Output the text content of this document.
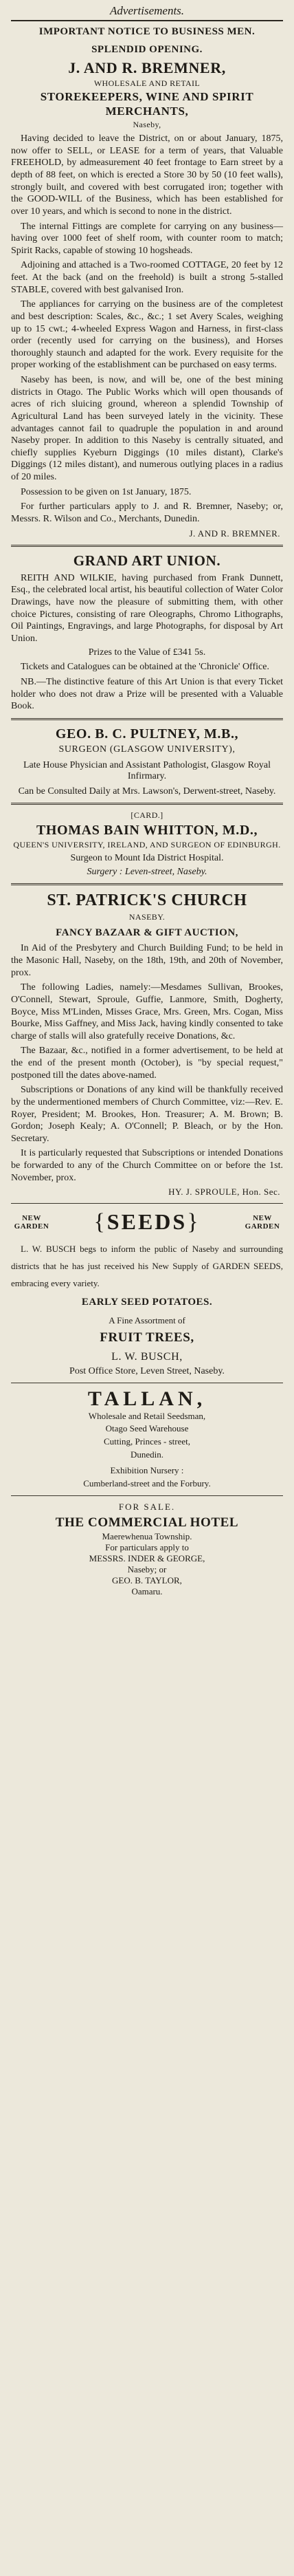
Advertisements.

IMPORTANT NOTICE TO BUSINESS MEN.

SPLENDID OPENING.

J. AND R. BREMNER,

WHOLESALE AND RETAIL

STOREKEEPERS, WINE AND SPIRIT MERCHANTS,

Naseby,

Having decided to leave the District, on or about January, 1875, now offer to SELL, or LEASE for a term of years, that Valuable FREEHOLD, by admeasurement 40 feet frontage to Earn street by a depth of 88 feet, on which is erected a Store 30 by 50 (10 feet walls), strongly built, and covered with best corrugated iron; together with the GOOD-WILL of the Business, which has been established for over 10 years, and which is second to none in the district.

The internal Fittings are complete for carrying on any business—having over 1000 feet of shelf room, with counter room to match; Spirit Racks, capable of stowing 10 hogsheads.

Adjoining and attached is a Two-roomed COTTAGE, 20 feet by 12 feet. At the back (and on the freehold) is built a strong 5-stalled STABLE, covered with best galvanised Iron.

The appliances for carrying on the business are of the completest and best description: Scales, &c., &c.; 1 set Avery Scales, weighing up to 15 cwt.; 4-wheeled Express Wagon and Harness, in first-class order (recently used for carrying on the business), and Horses thoroughly staunch and adapted for the work. Every requisite for the proper working of the establishment can be purchased on easy terms.

Naseby has been, is now, and will be, one of the best mining districts in Otago. The Public Works which will open thousands of acres of rich sluicing ground, whereon a splendid Township of Agricultural Land has been surveyed lately in the vicinity. These advantages cannot fail to quadruple the population in and around Naseby proper. In addition to this Naseby is centrally situated, and chiefly supplies Kyeburn Diggings (10 miles distant), Clarke's Diggings (12 miles distant), and numerous outlying places in a radius of 20 miles.

Possession to be given on 1st January, 1875.

For further particulars apply to J. and R. Bremner, Naseby; or, Messrs. R. Wilson and Co., Merchants, Dunedin.

J. AND R. BREMNER.

GRAND ART UNION.

REITH AND WILKIE, having purchased from Frank Dunnett, Esq., the celebrated local artist, his beautiful collection of Water Color Drawings, have now the pleasure of submitting them, with other choice Pictures, consisting of rare Oleographs, Chromo Lithographs, Oil Paintings, Engravings, and large Photographs, for disposal by Art Union.

Prizes to the Value of £341 5s.

Tickets and Catalogues can be obtained at the 'Chronicle' Office.

NB.—The distinctive feature of this Art Union is that every Ticket holder who does not draw a Prize will be presented with a Valuable Book.

GEO. B. C. PULTNEY, M.B.,

SURGEON (GLASGOW UNIVERSITY),

Late House Physician and Assistant Pathologist, Glasgow Royal Infirmary.

Can be Consulted Daily at Mrs. Lawson's, Derwent-street, Naseby.

[CARD.]

THOMAS BAIN WHITTON, M.D.,

QUEEN'S UNIVERSITY, IRELAND, AND SURGEON OF EDINBURGH.

Surgeon to Mount Ida District Hospital.

Surgery : Leven-street, Naseby.

ST. PATRICK'S CHURCH

NASEBY.

FANCY BAZAAR & GIFT AUCTION,

In Aid of the Presbytery and Church Building Fund; to be held in the Masonic Hall, Naseby, on the 18th, 19th, and 20th of November, prox.

The following Ladies, namely:—Mesdames Sullivan, Brookes, O'Connell, Stewart, Sproule, Guffie, Lanmore, Smith, Dogherty, Boyce, Miss M'Linden, Misses Grace, Mrs. Green, Mrs. Cogan, Miss Bourke, Miss Gaffney, and Miss Jack, having kindly consented to take charge of stalls will also gratefully receive Donations, &c.

The Bazaar, &c., notified in a former advertisement, to be held at the end of the present month (October), is "by special request," postponed till the dates above-named.

Subscriptions or Donations of any kind will be thankfully received by the undermentioned members of Church Committee, viz:—Rev. E. Royer, President; M. Brookes, Hon. Treasurer; A. M. Brown; B. Gordon; Joseph Kealy; A. O'Connell; P. Bleach, or by the Hon. Secretary.

It is particularly requested that Subscriptions or intended Donations be forwarded to any of the Church Committee on or before the 1st. November, prox.

HY. J. SPROULE, Hon. Sec.

NEW
GARDEN	{SEEDS}	NEW
GARDEN

L. W. BUSCH begs to inform the public of Naseby and surrounding districts that he has just received his New Supply of GARDEN SEEDS, embracing every variety.

EARLY SEED POTATOES.

A Fine Assortment of

FRUIT TREES,

L. W. BUSCH,

Post Office Store, Leven Street, Naseby.

TALLAN,

Wholesale and Retail Seedsman,

Otago Seed Warehouse

Cutting, Princes - street,

Dunedin.

Exhibition Nursery :

Cumberland-street and the Forbury.

FOR SALE.

THE COMMERCIAL HOTEL

Maerewhenua Township.

For particulars apply to

MESSRS. INDER & GEORGE,

Naseby; or

GEO. B. TAYLOR,

Oamaru.
